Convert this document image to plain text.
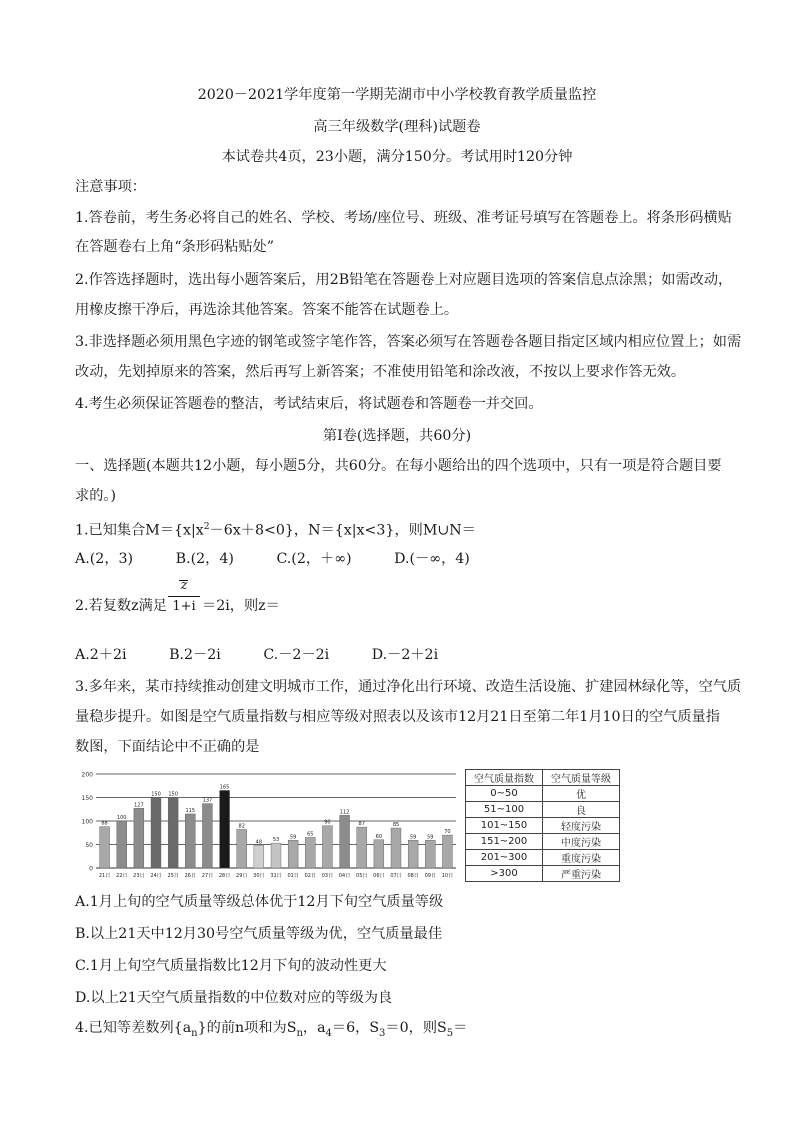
2020－2021学年度第一学期芜湖市中小学校教育教学质量监控
高三年级数学(理科)试题卷
本试卷共4页，23小题，满分150分。考试用时120分钟
注意事项：
1.答卷前，考生务必将自己的姓名、学校、考场/座位号、班级、准考证号填写在答题卷上。将条形码横贴
在答题卷右上角“条形码粘贴处”
2.作答选择题时，选出每小题答案后，用2B铅笔在答题卷上对应题目选项的答案信息点涂黑；如需改动，
用橡皮擦干净后，再选涂其他答案。答案不能答在试题卷上。
3.非选择题必须用黑色字迹的钢笔或签字笔作答，答案必须写在答题卷各题目指定区域内相应位置上；如需
改动，先划掉原来的答案，然后再写上新答案；不准使用铅笔和涂改液，不按以上要求作答无效。
4.考生必须保证答题卷的整洁，考试结束后，将试题卷和答题卷一并交回。
第I卷(选择题，共60分)
一、选择题(本题共12小题，每小题5分，共60分。在每小题给出的四个选项中，只有一项是符合题目要
求的。)
1.已知集合$M=\{x|x^2-6x+8<0\}$，N＝{x|x<3}，则M∪N＝
A.(2，3)　　　B.(2，4)　　　C.(2，＋∞)　　　D.(－∞，4)
2.若复数z满足
z
1+i ＝2i，则z＝
A.2＋2i　　　B.2－2i　　　C.－2－2i　　　D.－2＋2i
3.多年来，某市持续推动创建文明城市工作，通过净化出行环境、改造生活设施、扩建园林绿化等，空气质
量稳步提升。如图是空气质量指数与相应等级对照表以及该市12月21日至第二年1月10日的空气质量指
数图，下面结论中不正确的是
0
50
100
150
200
88
21日
100
22日
127
23日
150
24日
150
25日
115
26日
137
27日
165
28日
82
29日
48
30日
53
31日
59
01日
65
02日
90
03日
112
04日
87
05日
60
06日
85
07日
59
08日
59
09日
70
10日
空气质量指数	空气质量等级
0~50	优
51~100	良
101~150	轻度污染
151~200	中度污染
201~300	重度污染
>300	严重污染
A.1月上旬的空气质量等级总体优于12月下旬空气质量等级
B.以上21天中12月30号空气质量等级为优，空气质量最佳
C.1月上旬空气质量指数比12月下旬的波动性更大
D.以上21天空气质量指数的中位数对应的等级为良
4.已知等差数列$\{a_n\}$的前n项和为$S_n$，$a_4=6$，$S_3=0$，则$S_5=$
